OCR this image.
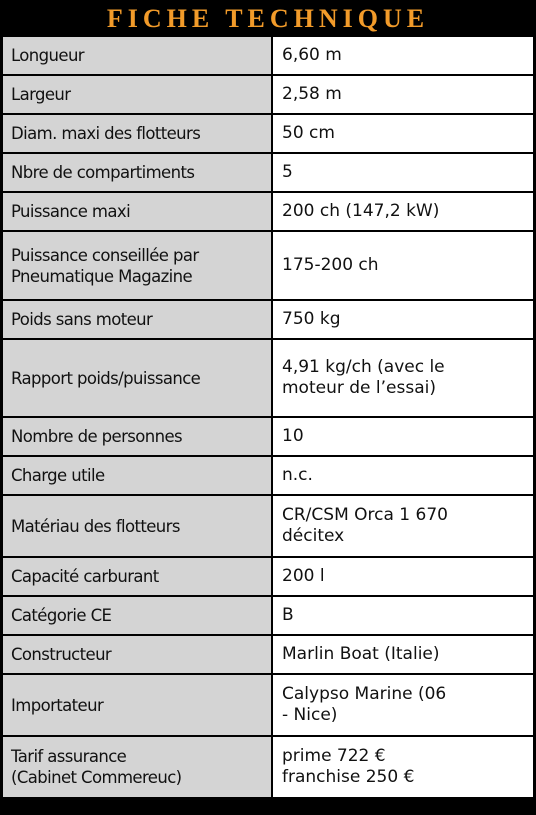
FICHE TECHNIQUE
Longueur	6,60 m

Largeur	2,58 m

Diam. maxi des flotteurs	50 cm

Nbre de compartiments	5

Puissance maxi	200 ch (147,2 kW)

Puissance conseillée par
Pneumatique Magazine	175-200 ch

Poids sans moteur	750 kg

Rapport poids/puissance	4,91 kg/ch (avec le
moteur de l’essai)

Nombre de personnes	10

Charge utile	n.c.

Matériau des flotteurs	CR/CSM Orca 1 670
décitex

Capacité carburant	200 l

Catégorie CE	B

Constructeur	Marlin Boat (Italie)

Importateur	Calypso Marine (06
- Nice)

Tarif assurance
(Cabinet Commereuc)	prime 722 €
franchise 250 €
